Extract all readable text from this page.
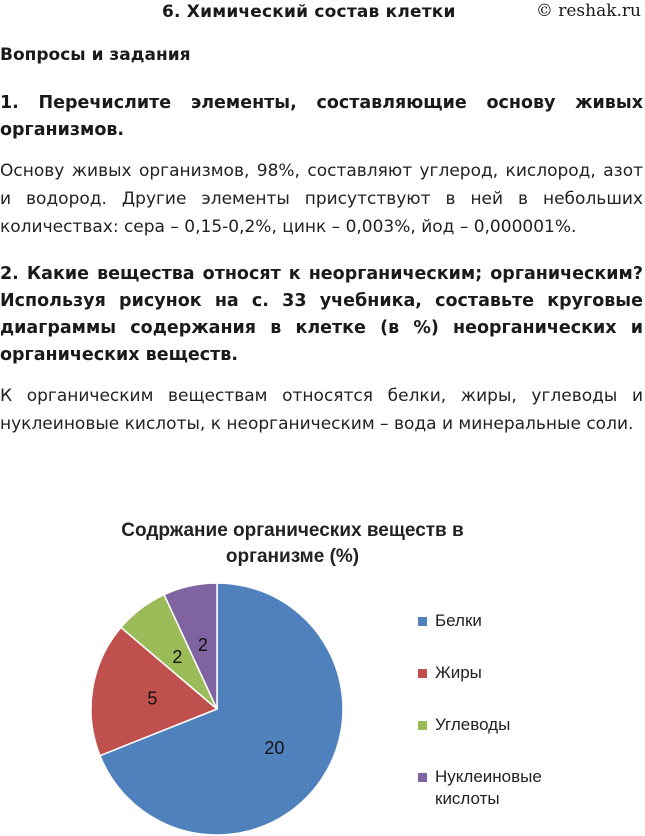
6. Химический состав клетки	© reshak.ru
Вопросы и задания

1. Перечислите элементы, составляющие основу живых организмов.

Основу живых организмов, 98%, составляют углерод, кислород, азот и водород. Другие элементы присутствуют в ней в небольших количествах: сера – 0,15-0,2%, цинк – 0,003%, йод – 0,000001%.

2. Какие вещества относят к неорганическим; органическим? Используя рисунок на с. 33 учебника, составьте круговые диаграммы содержания в клетке (в %) неорганических и органических веществ.

К органическим веществам относятся белки, жиры, углеводы и нуклеиновые кислоты, к неорганическим – вода и минеральные соли.

Содржание органических веществ в организме (%)
20
5
2
2
Белки
Жиры
Углеводы
Нуклеиновые кислоты
